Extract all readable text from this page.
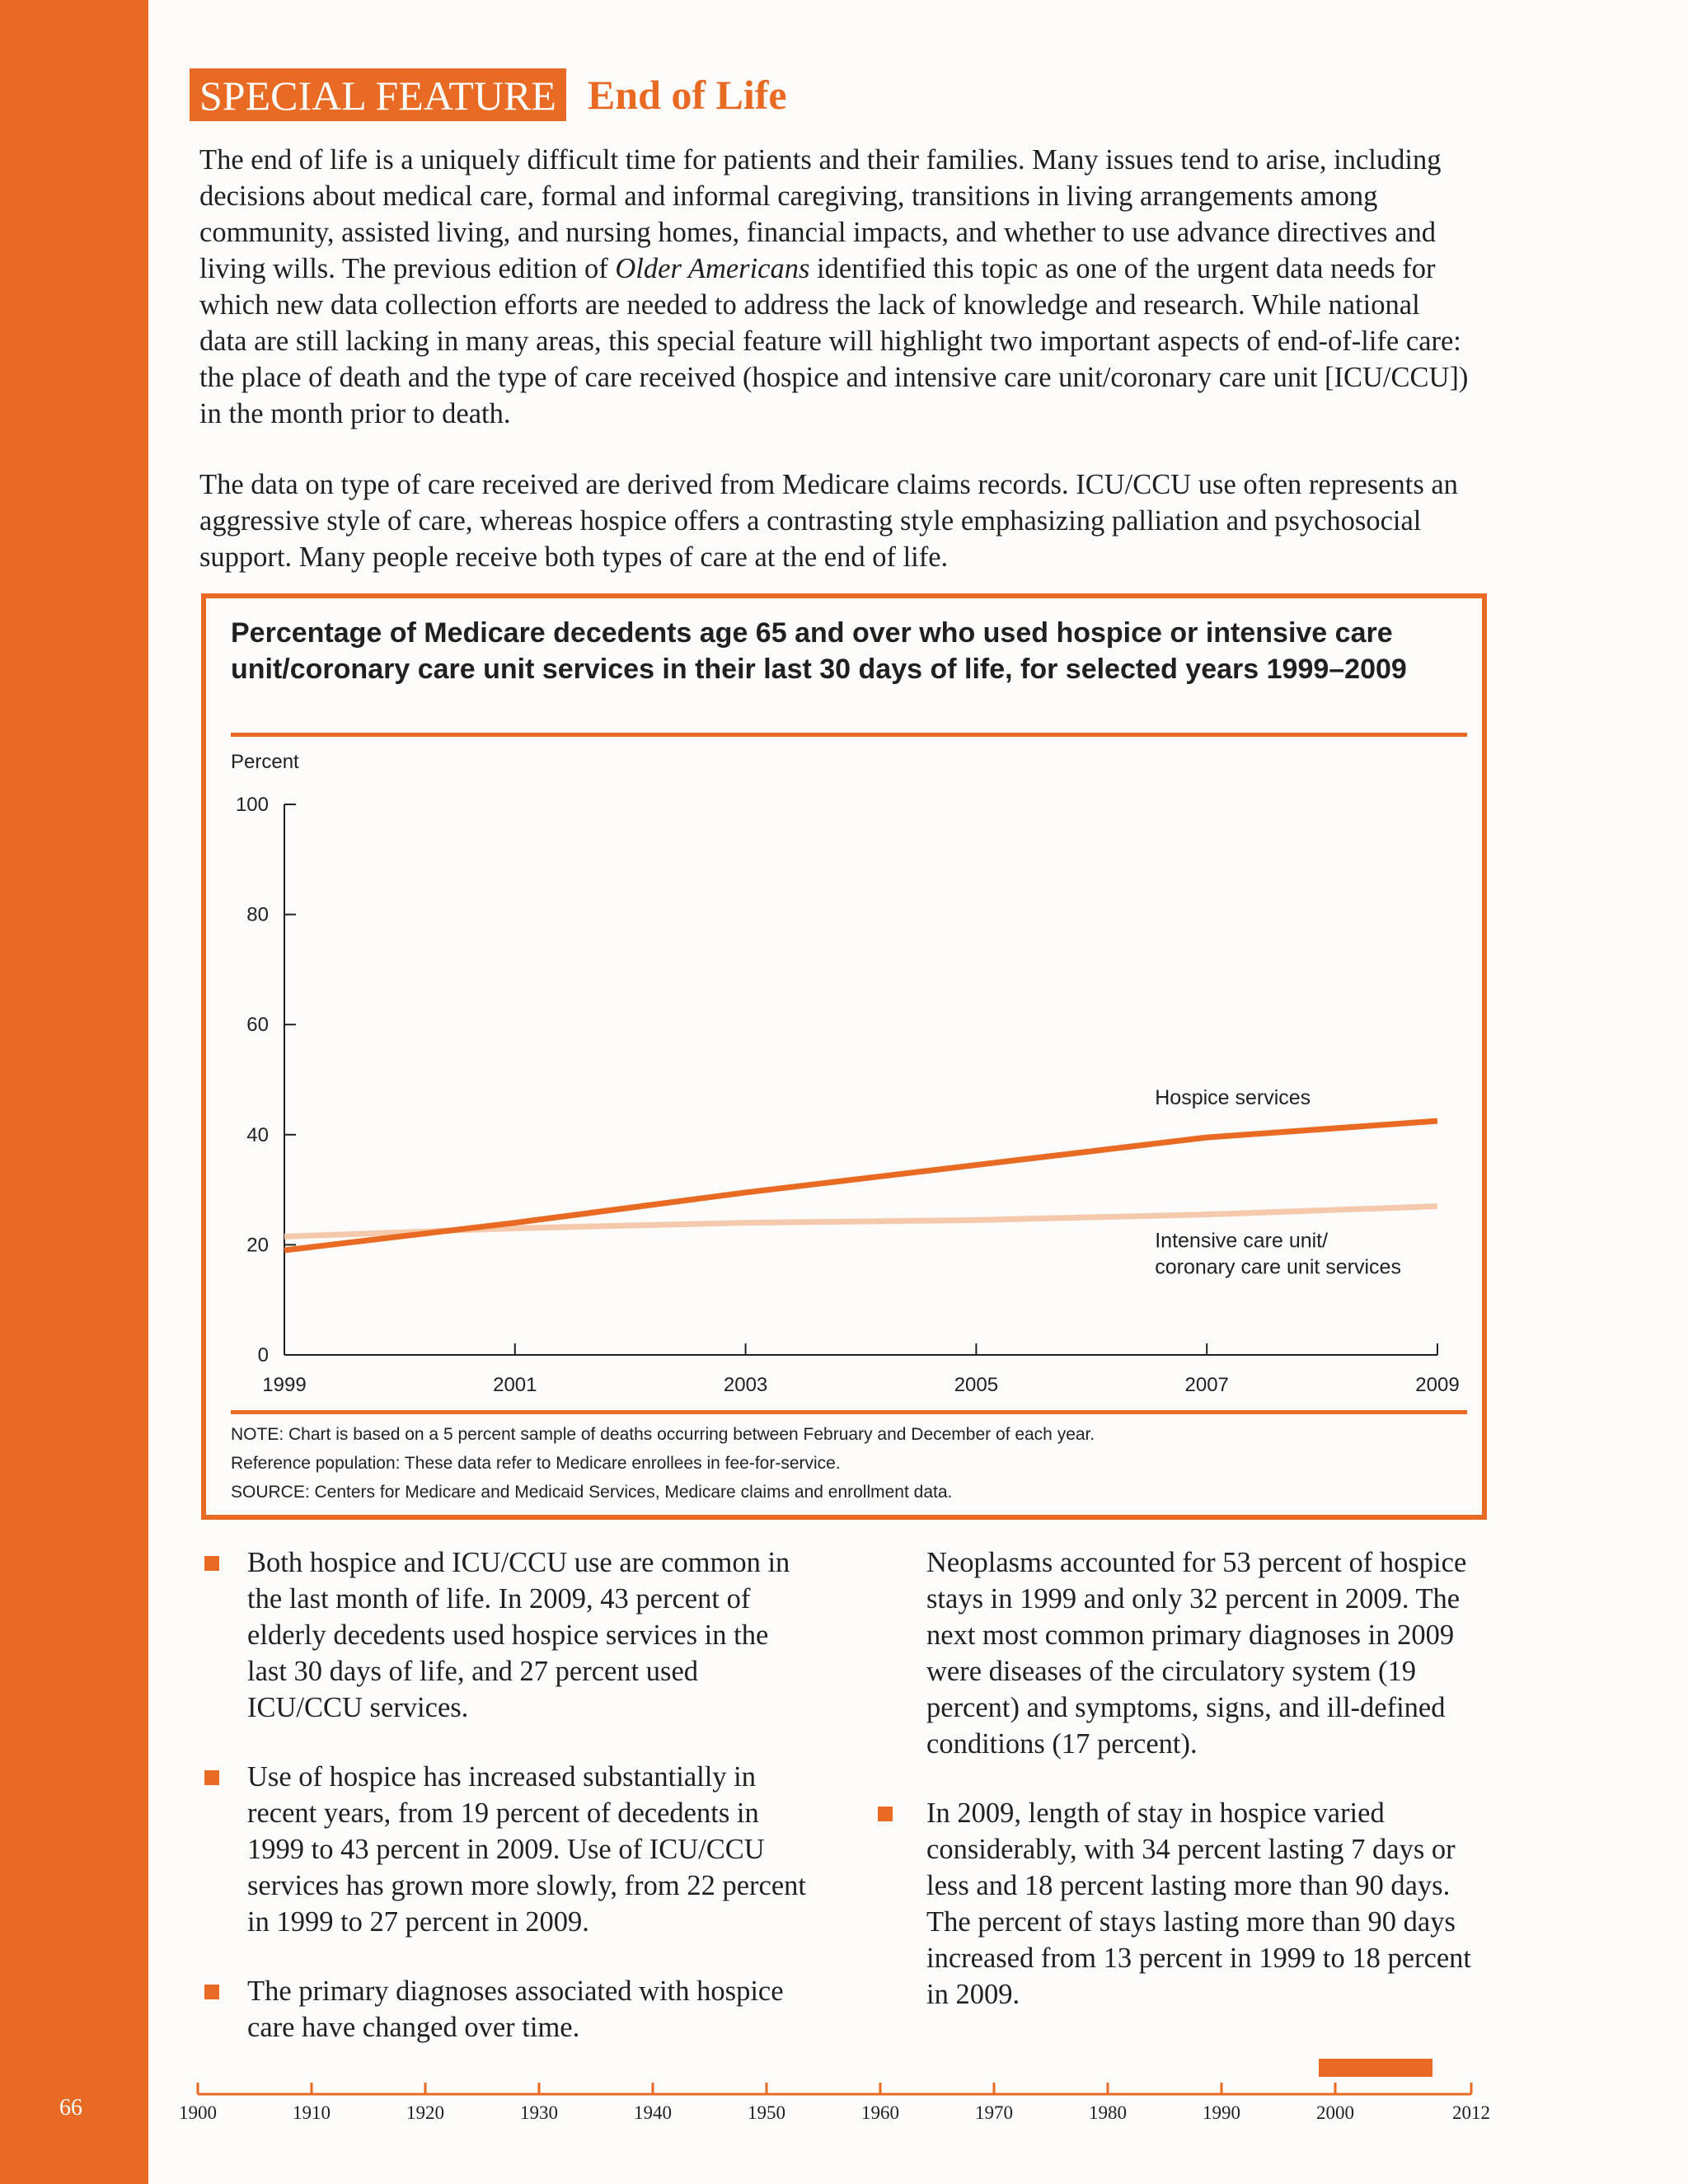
66
SPECIAL FEATURE End of Life

The end of life is a uniquely difficult time for patients and their families. Many issues tend to arise, including decisions about medical care, formal and informal caregiving, transitions in living arrangements among community, assisted living, and nursing homes, financial impacts, and whether to use advance directives and living wills. The previous edition of Older Americans identified this topic as one of the urgent data needs for which new data collection efforts are needed to address the lack of knowledge and research. While national data are still lacking in many areas, this special feature will highlight two important aspects of end-of-life care: the place of death and the type of care received (hospice and intensive care unit/coronary care unit [ICU/CCU]) in the month prior to death.

The data on type of care received are derived from Medicare claims records. ICU/CCU use often represents an aggressive style of care, whereas hospice offers a contrasting style emphasizing palliation and psychosocial support. Many people receive both types of care at the end of life.

Percentage of Medicare decedents age 65 and over who used hospice or intensive care unit/coronary care unit services in their last 30 days of life, for selected years 1999–2009

Percent
0
20
40
60
80
100
1999	2001	2003	2005	2007	2009
Hospice services
Intensive care unit/ coronary care unit services
NOTE: Chart is based on a 5 percent sample of deaths occurring between February and December of each year.
Reference population: These data refer to Medicare enrollees in fee-for-service.
SOURCE: Centers for Medicare and Medicaid Services, Medicare claims and enrollment data.
Both hospice and ICU/CCU use are common in the last month of life. In 2009, 43 percent of elderly decedents used hospice services in the last 30 days of life, and 27 percent used ICU/CCU services.
Use of hospice has increased substantially in recent years, from 19 percent of decedents in 1999 to 43 percent in 2009. Use of ICU/CCU services has grown more slowly, from 22 percent in 1999 to 27 percent in 2009.
The primary diagnoses associated with hospice care have changed over time.
Neoplasms accounted for 53 percent of hospice stays in 1999 and only 32 percent in 2009. The next most common primary diagnoses in 2009 were diseases of the circulatory system (19 percent) and symptoms, signs, and ill-defined conditions (17 percent).
In 2009, length of stay in hospice varied considerably, with 34 percent lasting 7 days or less and 18 percent lasting more than 90 days. The percent of stays lasting more than 90 days increased from 13 percent in 1999 to 18 percent in 2009.
1900	1910	1920	1930	1940	1950	1960	1970	1980	1990	2000	2012
